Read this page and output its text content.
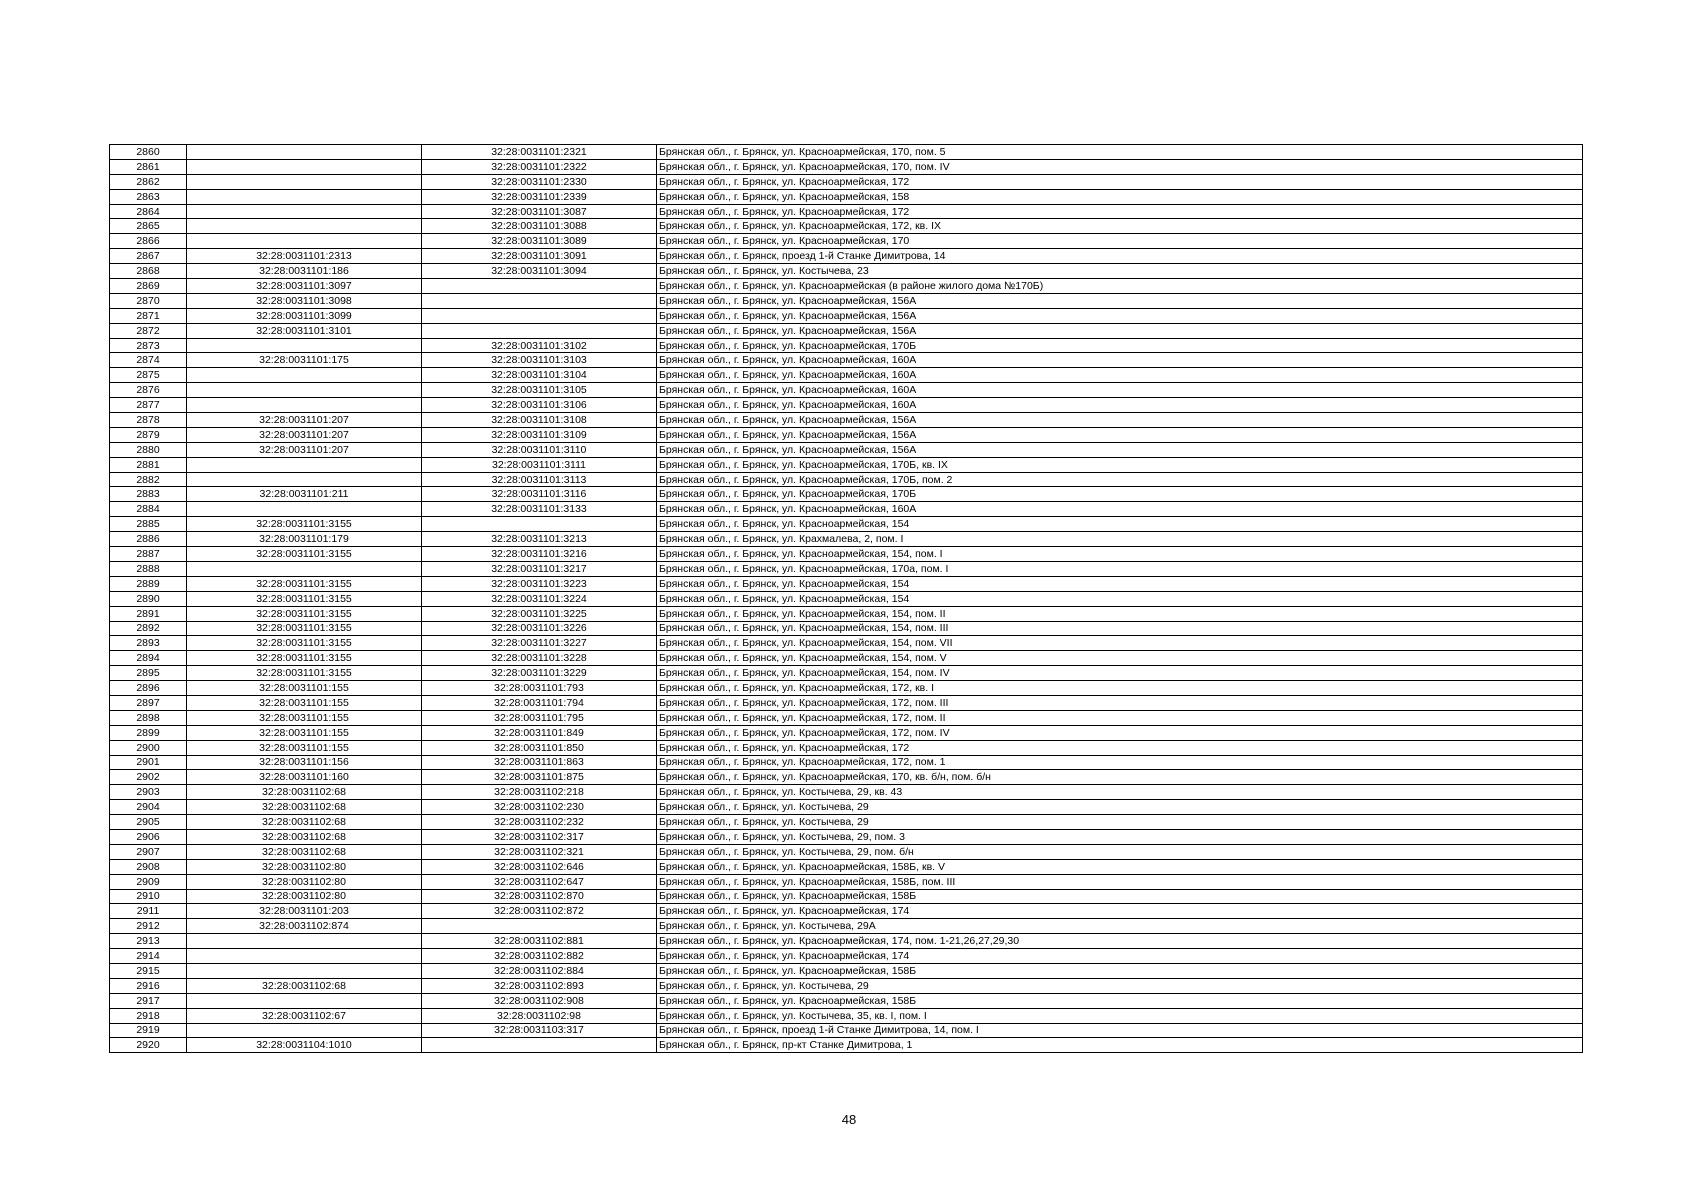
2860		32:28:0031101:2321	Брянская обл., г. Брянск, ул. Красноармейская, 170, пом. 5
2861		32:28:0031101:2322	Брянская обл., г. Брянск, ул. Красноармейская, 170, пом. IV
2862		32:28:0031101:2330	Брянская обл., г. Брянск, ул. Красноармейская, 172
2863		32:28:0031101:2339	Брянская обл., г. Брянск, ул. Красноармейская, 158
2864		32:28:0031101:3087	Брянская обл., г. Брянск, ул. Красноармейская, 172
2865		32:28:0031101:3088	Брянская обл., г. Брянск, ул. Красноармейская, 172, кв. IX
2866		32:28:0031101:3089	Брянская обл., г. Брянск, ул. Красноармейская, 170
2867	32:28:0031101:2313	32:28:0031101:3091	Брянская обл., г. Брянск, проезд 1-й Станке Димитрова, 14
2868	32:28:0031101:186	32:28:0031101:3094	Брянская обл., г. Брянск, ул. Костычева, 23
2869	32:28:0031101:3097		Брянская обл., г. Брянск, ул. Красноармейская (в районе жилого дома №170Б)
2870	32:28:0031101:3098		Брянская обл., г. Брянск, ул. Красноармейская, 156А
2871	32:28:0031101:3099		Брянская обл., г. Брянск, ул. Красноармейская, 156А
2872	32:28:0031101:3101		Брянская обл., г. Брянск, ул. Красноармейская, 156А
2873		32:28:0031101:3102	Брянская обл., г. Брянск, ул. Красноармейская, 170Б
2874	32:28:0031101:175	32:28:0031101:3103	Брянская обл., г. Брянск, ул. Красноармейская, 160А
2875		32:28:0031101:3104	Брянская обл., г. Брянск, ул. Красноармейская, 160А
2876		32:28:0031101:3105	Брянская обл., г. Брянск, ул. Красноармейская, 160А
2877		32:28:0031101:3106	Брянская обл., г. Брянск, ул. Красноармейская, 160А
2878	32:28:0031101:207	32:28:0031101:3108	Брянская обл., г. Брянск, ул. Красноармейская, 156А
2879	32:28:0031101:207	32:28:0031101:3109	Брянская обл., г. Брянск, ул. Красноармейская, 156А
2880	32:28:0031101:207	32:28:0031101:3110	Брянская обл., г. Брянск, ул. Красноармейская, 156А
2881		32:28:0031101:3111	Брянская обл., г. Брянск, ул. Красноармейская, 170Б, кв. IX
2882		32:28:0031101:3113	Брянская обл., г. Брянск, ул. Красноармейская, 170Б, пом. 2
2883	32:28:0031101:211	32:28:0031101:3116	Брянская обл., г. Брянск, ул. Красноармейская, 170Б
2884		32:28:0031101:3133	Брянская обл., г. Брянск, ул. Красноармейская, 160А
2885	32:28:0031101:3155		Брянская обл., г. Брянск, ул. Красноармейская, 154
2886	32:28:0031101:179	32:28:0031101:3213	Брянская обл., г. Брянск, ул. Крахмалева, 2, пом. I
2887	32:28:0031101:3155	32:28:0031101:3216	Брянская обл., г. Брянск, ул. Красноармейская, 154, пом. I
2888		32:28:0031101:3217	Брянская обл., г. Брянск, ул. Красноармейская, 170а, пом. I
2889	32:28:0031101:3155	32:28:0031101:3223	Брянская обл., г. Брянск, ул. Красноармейская, 154
2890	32:28:0031101:3155	32:28:0031101:3224	Брянская обл., г. Брянск, ул. Красноармейская, 154
2891	32:28:0031101:3155	32:28:0031101:3225	Брянская обл., г. Брянск, ул. Красноармейская, 154, пом. II
2892	32:28:0031101:3155	32:28:0031101:3226	Брянская обл., г. Брянск, ул. Красноармейская, 154, пом. III
2893	32:28:0031101:3155	32:28:0031101:3227	Брянская обл., г. Брянск, ул. Красноармейская, 154, пом. VII
2894	32:28:0031101:3155	32:28:0031101:3228	Брянская обл., г. Брянск, ул. Красноармейская, 154, пом. V
2895	32:28:0031101:3155	32:28:0031101:3229	Брянская обл., г. Брянск, ул. Красноармейская, 154, пом. IV
2896	32:28:0031101:155	32:28:0031101:793	Брянская обл., г. Брянск, ул. Красноармейская, 172, кв. I
2897	32:28:0031101:155	32:28:0031101:794	Брянская обл., г. Брянск, ул. Красноармейская, 172, пом. III
2898	32:28:0031101:155	32:28:0031101:795	Брянская обл., г. Брянск, ул. Красноармейская, 172, пом. II
2899	32:28:0031101:155	32:28:0031101:849	Брянская обл., г. Брянск, ул. Красноармейская, 172, пом. IV
2900	32:28:0031101:155	32:28:0031101:850	Брянская обл., г. Брянск, ул. Красноармейская, 172
2901	32:28:0031101:156	32:28:0031101:863	Брянская обл., г. Брянск, ул. Красноармейская, 172, пом. 1
2902	32:28:0031101:160	32:28:0031101:875	Брянская обл., г. Брянск, ул. Красноармейская, 170, кв. б/н, пом. б/н
2903	32:28:0031102:68	32:28:0031102:218	Брянская обл., г. Брянск, ул. Костычева, 29, кв. 43
2904	32:28:0031102:68	32:28:0031102:230	Брянская обл., г. Брянск, ул. Костычева, 29
2905	32:28:0031102:68	32:28:0031102:232	Брянская обл., г. Брянск, ул. Костычева, 29
2906	32:28:0031102:68	32:28:0031102:317	Брянская обл., г. Брянск, ул. Костычева, 29, пом. 3
2907	32:28:0031102:68	32:28:0031102:321	Брянская обл., г. Брянск, ул. Костычева, 29, пом. б/н
2908	32:28:0031102:80	32:28:0031102:646	Брянская обл., г. Брянск, ул. Красноармейская, 158Б, кв. V
2909	32:28:0031102:80	32:28:0031102:647	Брянская обл., г. Брянск, ул. Красноармейская, 158Б, пом. III
2910	32:28:0031102:80	32:28:0031102:870	Брянская обл., г. Брянск, ул. Красноармейская, 158Б
2911	32:28:0031101:203	32:28:0031102:872	Брянская обл., г. Брянск, ул. Красноармейская, 174
2912	32:28:0031102:874		Брянская обл., г. Брянск, ул. Костычева, 29А
2913		32:28:0031102:881	Брянская обл., г. Брянск, ул. Красноармейская, 174, пом. 1-21,26,27,29,30
2914		32:28:0031102:882	Брянская обл., г. Брянск, ул. Красноармейская, 174
2915		32:28:0031102:884	Брянская обл., г. Брянск, ул. Красноармейская, 158Б
2916	32:28:0031102:68	32:28:0031102:893	Брянская обл., г. Брянск, ул. Костычева, 29
2917		32:28:0031102:908	Брянская обл., г. Брянск, ул. Красноармейская, 158Б
2918	32:28:0031102:67	32:28:0031102:98	Брянская обл., г. Брянск, ул. Костычева, 35, кв. I, пом. I
2919		32:28:0031103:317	Брянская обл., г. Брянск, проезд 1-й Станке Димитрова, 14, пом. I
2920	32:28:0031104:1010		Брянская обл., г. Брянск, пр-кт Станке Димитрова, 1
48
